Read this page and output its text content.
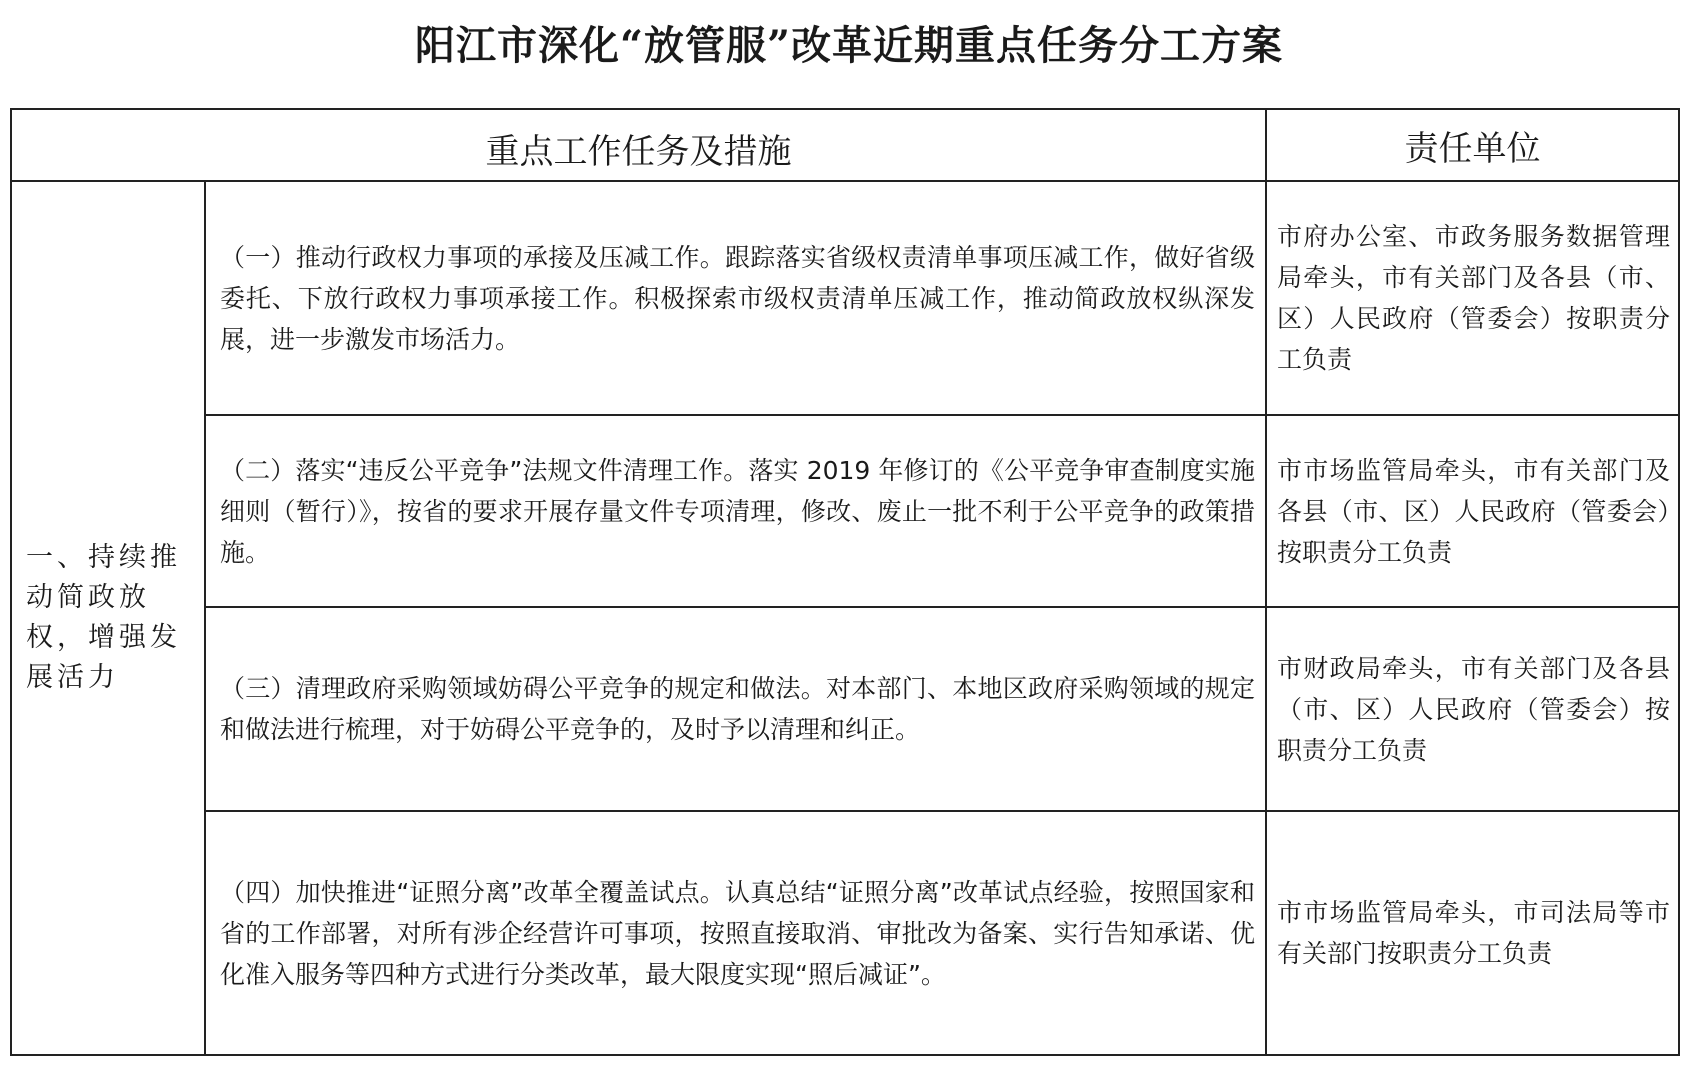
阳江市深化“放管服”改革近期重点任务分工方案
重点工作任务及措施	责任单位
一、持续推动简政放权，增强发展活力
（一）推动行政权力事项的承接及压减工作。跟踪落实省级权责清单事项压减工作，做好省级委托、下放行政权力事项承接工作。积极探索市级权责清单压减工作，推动简政放权纵深发展，进一步激发市场活力。
市府办公室、市政务服务数据管理局牵头，市有关部门及各县（市、区）人民政府（管委会）按职责分工负责
（二）落实“违反公平竞争”法规文件清理工作。落实 2019 年修订的《公平竞争审查制度实施细则（暂行）》，按省的要求开展存量文件专项清理，修改、废止一批不利于公平竞争的政策措施。
市市场监管局牵头，市有关部门及各县（市、区）人民政府（管委会）按职责分工负责
（三）清理政府采购领域妨碍公平竞争的规定和做法。对本部门、本地区政府采购领域的规定和做法进行梳理，对于妨碍公平竞争的，及时予以清理和纠正。
市财政局牵头，市有关部门及各县（市、区）人民政府（管委会）按职责分工负责
（四）加快推进“证照分离”改革全覆盖试点。认真总结“证照分离”改革试点经验，按照国家和省的工作部署，对所有涉企经营许可事项，按照直接取消、审批改为备案、实行告知承诺、优化准入服务等四种方式进行分类改革，最大限度实现“照后减证”。
市市场监管局牵头，市司法局等市有关部门按职责分工负责
